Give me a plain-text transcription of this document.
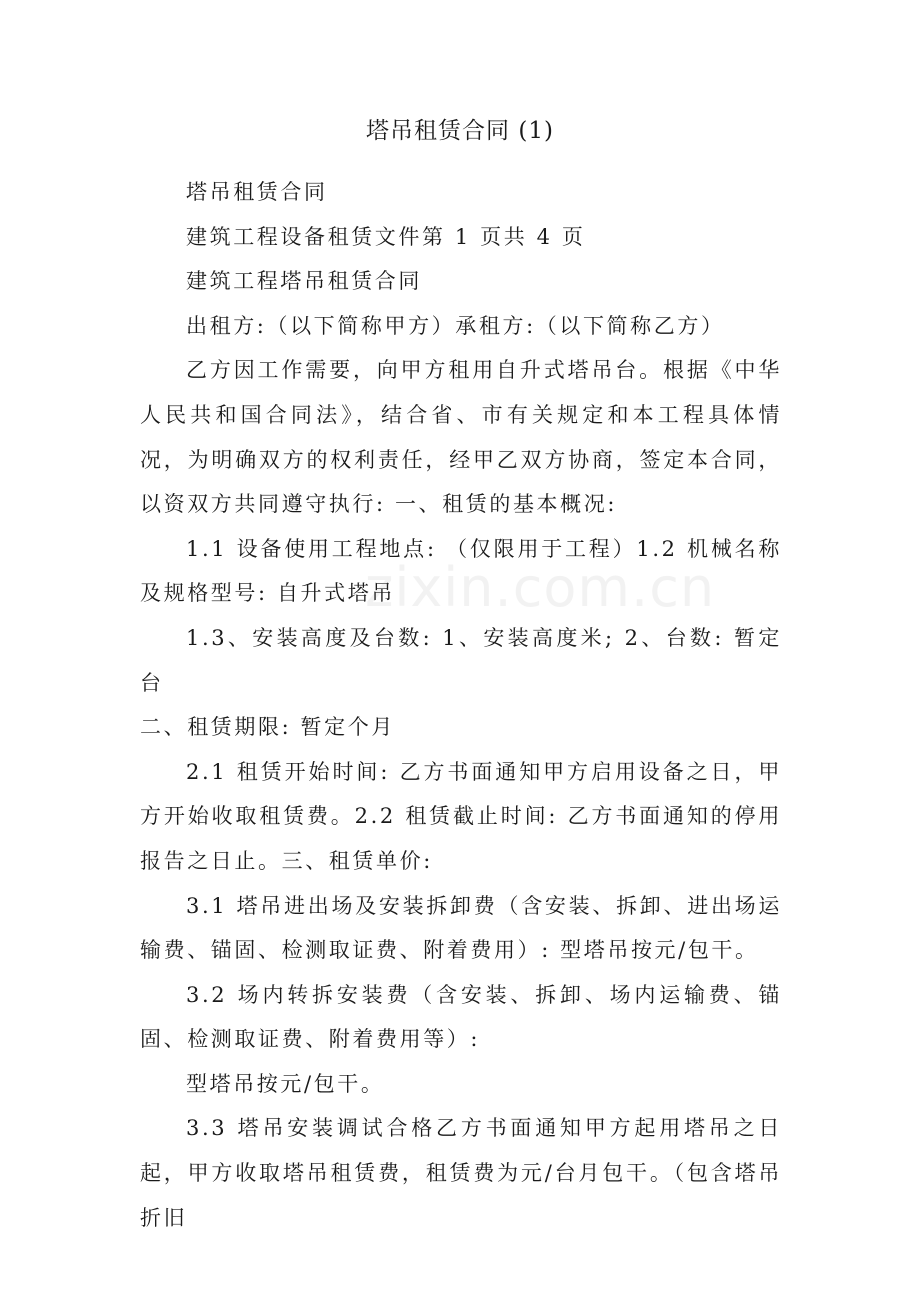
塔吊租赁合同 (1)

塔吊租赁合同

建筑工程设备租赁文件第 1 页共 4 页

建筑工程塔吊租赁合同

出租方:（以下简称甲方）承租方:（以下简称乙方）

乙方因工作需要，向甲方租用自升式塔吊台。根据《中华人民共和国合同法》，结合省、市有关规定和本工程具体情况，为明确双方的权利责任，经甲乙双方协商，签定本合同，以资双方共同遵守执行: 一、租赁的基本概况:

1.1 设备使用工程地点: （仅限用于工程）1.2 机械名称及规格型号: 自升式塔吊

1.3、安装高度及台数: 1、安装高度米; 2、台数: 暂定台

二、租赁期限: 暂定个月

2.1 租赁开始时间: 乙方书面通知甲方启用设备之日，甲方开始收取租赁费。2.2 租赁截止时间: 乙方书面通知的停用报告之日止。三、租赁单价:

3.1 塔吊进出场及安装拆卸费（含安装、拆卸、进出场运输费、锚固、检测取证费、附着费用）: 型塔吊按元/包干。

3.2 场内转拆安装费（含安装、拆卸、场内运输费、锚固、检测取证费、附着费用等）:

型塔吊按元/包干。

3.3 塔吊安装调试合格乙方书面通知甲方起用塔吊之日起，甲方收取塔吊租赁费，租赁费为元/台月包干。（包含塔吊折旧

zixin.com.cn
